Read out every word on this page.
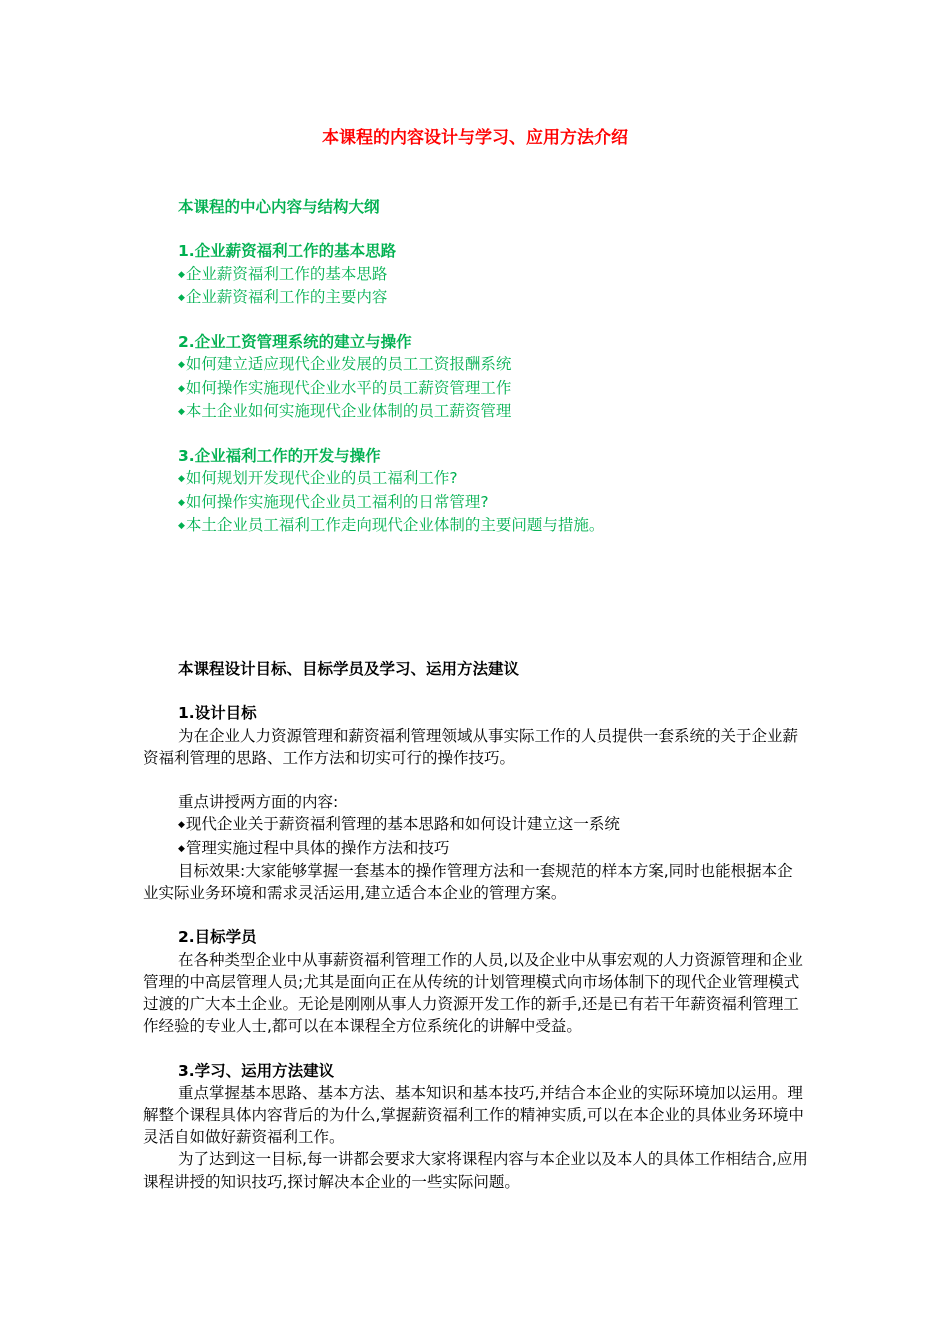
本课程的内容设计与学习、应用方法介绍
本课程的中心内容与结构大纲
1.企业薪资福利工作的基本思路
◆ 企业薪资福利工作的基本思路
◆ 企业薪资福利工作的主要内容
2.企业工资管理系统的建立与操作
◆ 如何建立适应现代企业发展的员工工资报酬系统
◆ 如何操作实施现代企业水平的员工薪资管理工作
◆ 本土企业如何实施现代企业体制的员工薪资管理
3.企业福利工作的开发与操作
◆ 如何规划开发现代企业的员工福利工作?
◆ 如何操作实施现代企业员工福利的日常管理?
◆ 本土企业员工福利工作走向现代企业体制的主要问题与措施。
本课程设计目标、目标学员及学习、运用方法建议
1.设计目标

为在企业人力资源管理和薪资福利管理领域从事实际工作的人员提供一套系统的关于企业薪资福利管理的思路、工作方法和切实可行的操作技巧。

重点讲授两方面的内容:
◆ 现代企业关于薪资福利管理的基本思路和如何设计建立这一系统
◆ 管理实施过程中具体的操作方法和技巧

目标效果:大家能够掌握一套基本的操作管理方法和一套规范的样本方案,同时也能根据本企业实际业务环境和需求灵活运用,建立适合本企业的管理方案。

2.目标学员

在各种类型企业中从事薪资福利管理工作的人员,以及企业中从事宏观的人力资源管理和企业管理的中高层管理人员;尤其是面向正在从传统的计划管理模式向市场体制下的现代企业管理模式过渡的广大本土企业。无论是刚刚从事人力资源开发工作的新手,还是已有若干年薪资福利管理工作经验的专业人士,都可以在本课程全方位系统化的讲解中受益。

3.学习、运用方法建议

重点掌握基本思路、基本方法、基本知识和基本技巧,并结合本企业的实际环境加以运用。理解整个课程具体内容背后的为什么,掌握薪资福利工作的精神实质,可以在本企业的具体业务环境中灵活自如做好薪资福利工作。

为了达到这一目标,每一讲都会要求大家将课程内容与本企业以及本人的具体工作相结合,应用课程讲授的知识技巧,探讨解决本企业的一些实际问题。
